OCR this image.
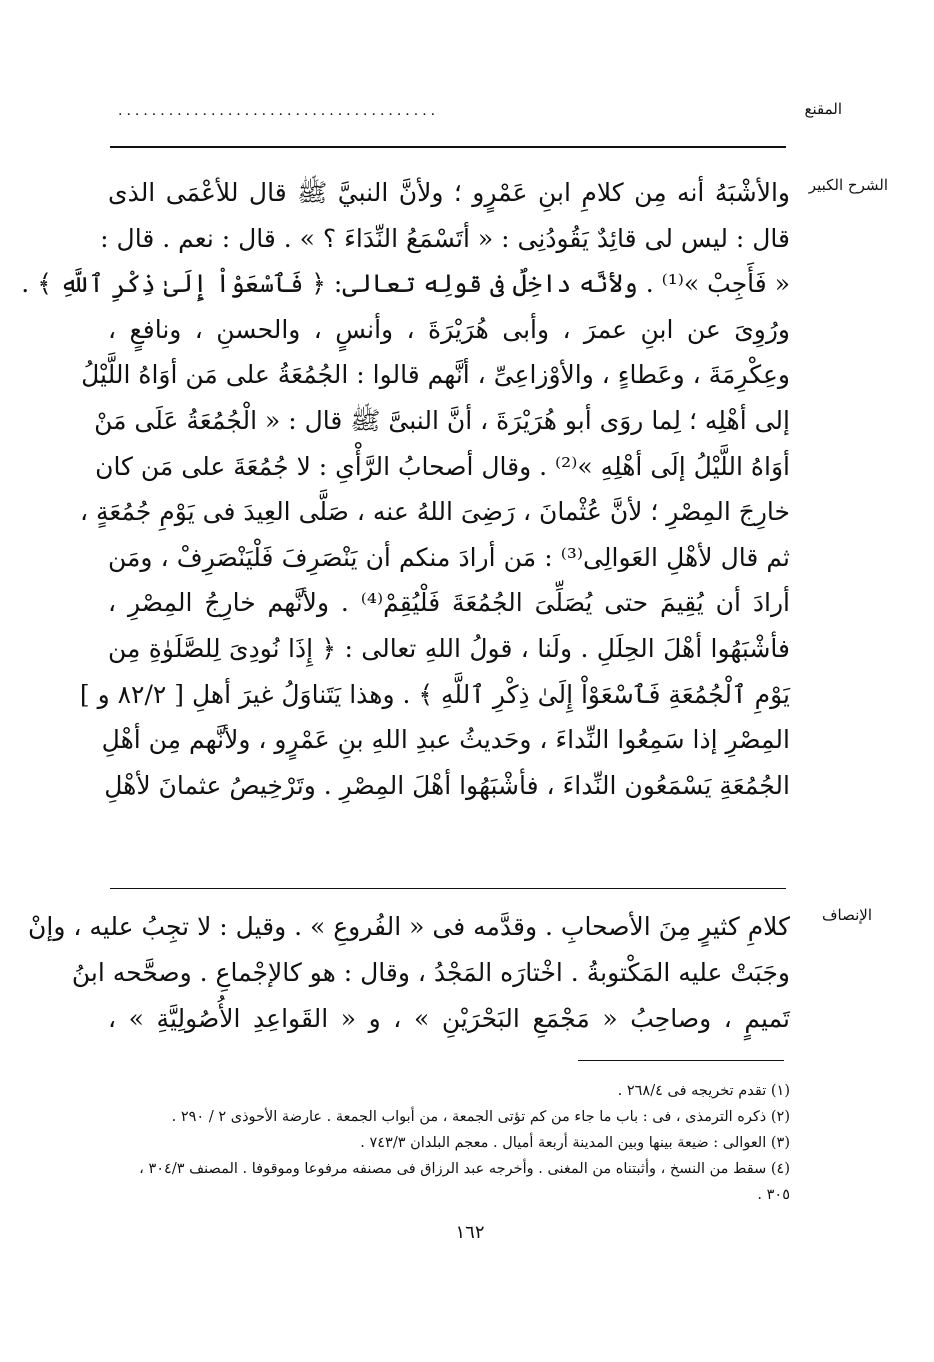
المقنع
......................................
الشرح الكبير
والأشْبَهُ أنه مِن كلامِ ابنِ عَمْرٍو ؛ ولأنَّ النبيَّ ﷺ قال للأعْمَى الذى
قال : ليس لى قائِدٌ يَقُودُنِى : « أتَسْمَعُ النِّدَاءَ ؟ » . قال : نعم . قال :
« فَأَجِبْ »⁽¹⁾ . ولأنَّه داخِلٌ فى قولِه تعالى: ﴿ فَٱسْعَوْاْ إِلَىٰ ذِكْرِ ٱللَّهِ ﴾ .
ورُوِىَ عن ابنِ عمرَ ، وأبى هُرَيْرَةَ ، وأنسٍ ، والحسنِ ، ونافعٍ ،
وعِكْرِمَةَ ، وعَطاءٍ ، والأوْزاعِىِّ ، أنَّهم قالوا : الجُمُعَةُ على مَن أوَاهُ اللَّيْلُ
إلى أهْلِه ؛ لِما روَى أبو هُرَيْرَةَ ، أنَّ النبىَّ ﷺ قال : « الْجُمُعَةُ عَلَى مَنْ
أوَاهُ اللَّيْلُ إلَى أهْلِهِ »⁽²⁾ . وقال أصحابُ الرَّأْىِ : لا جُمُعَةَ على مَن كان
خارِجَ المِصْرِ ؛ لأنَّ عُثْمانَ ، رَضِىَ اللهُ عنه ، صَلَّى العِيدَ فى يَوْمِ جُمُعَةٍ ،
ثم قال لأهْلِ العَوالِى⁽³⁾ : مَن أرادَ منكم أن يَنْصَرِفَ فَلْيَنْصَرِفْ ، ومَن
أرادَ أن يُقِيمَ حتى يُصَلِّىَ الجُمُعَةَ فَلْيُقِمْ⁽⁴⁾ . ولأنَّهم خارِجُ المِصْرِ ،
فأشْبَهُوا أهْلَ الحِلَلِ . ولَنا ، قولُ اللهِ تعالى : ﴿ إِذَا نُودِىَ لِلصَّلَوٰةِ مِن
يَوْمِ ٱلْجُمُعَةِ فَٱسْعَوْاْ إِلَىٰ ذِكْرِ ٱللَّهِ ﴾ . وهذا يَتَناوَلُ غيرَ أهلِ [ ٨٢/٢ و ]
المِصْرِ إذا سَمِعُوا النِّداءَ ، وحَديثُ عبدِ اللهِ بنِ عَمْرٍو ، ولأنَّهم مِن أهْلِ
الجُمُعَةِ يَسْمَعُون النِّداءَ ، فأشْبَهُوا أهْلَ المِصْرِ . وتَرْخِيصُ عثمانَ لأهْلِ
الإنصاف
كلامِ كثيرٍ مِنَ الأصحابِ . وقدَّمه فى « الفُروعِ » . وقيل : لا تجِبُ عليه ، وإنْ
وجَبَتْ عليه المَكْتوبةُ . اخْتارَه المَجْدُ ، وقال : هو كالإجْماعِ . وصحَّحه ابنُ
تَميمٍ ، وصاحِبُ « مَجْمَعِ البَحْرَيْنِ » ، و « القَواعِدِ الأُصُولِيَّةِ » ،
(١) تقدم تخريجه فى ٢٦٨/٤ .
(٢) ذكره الترمذى ، فى : باب ما جاء من كم تؤتى الجمعة ، من أبواب الجمعة . عارضة الأحوذى ٢ / ٢٩٠ .
(٣) العوالى : ضيعة بينها وبين المدينة أربعة أميال . معجم البلدان ٧٤٣/٣ .
(٤) سقط من النسخ ، وأثبتناه من المغنى . وأخرجه عبد الرزاق فى مصنفه مرفوعا وموقوفا . المصنف ٣٠٤/٣ ،
٣٠٥ .
١٦٢
